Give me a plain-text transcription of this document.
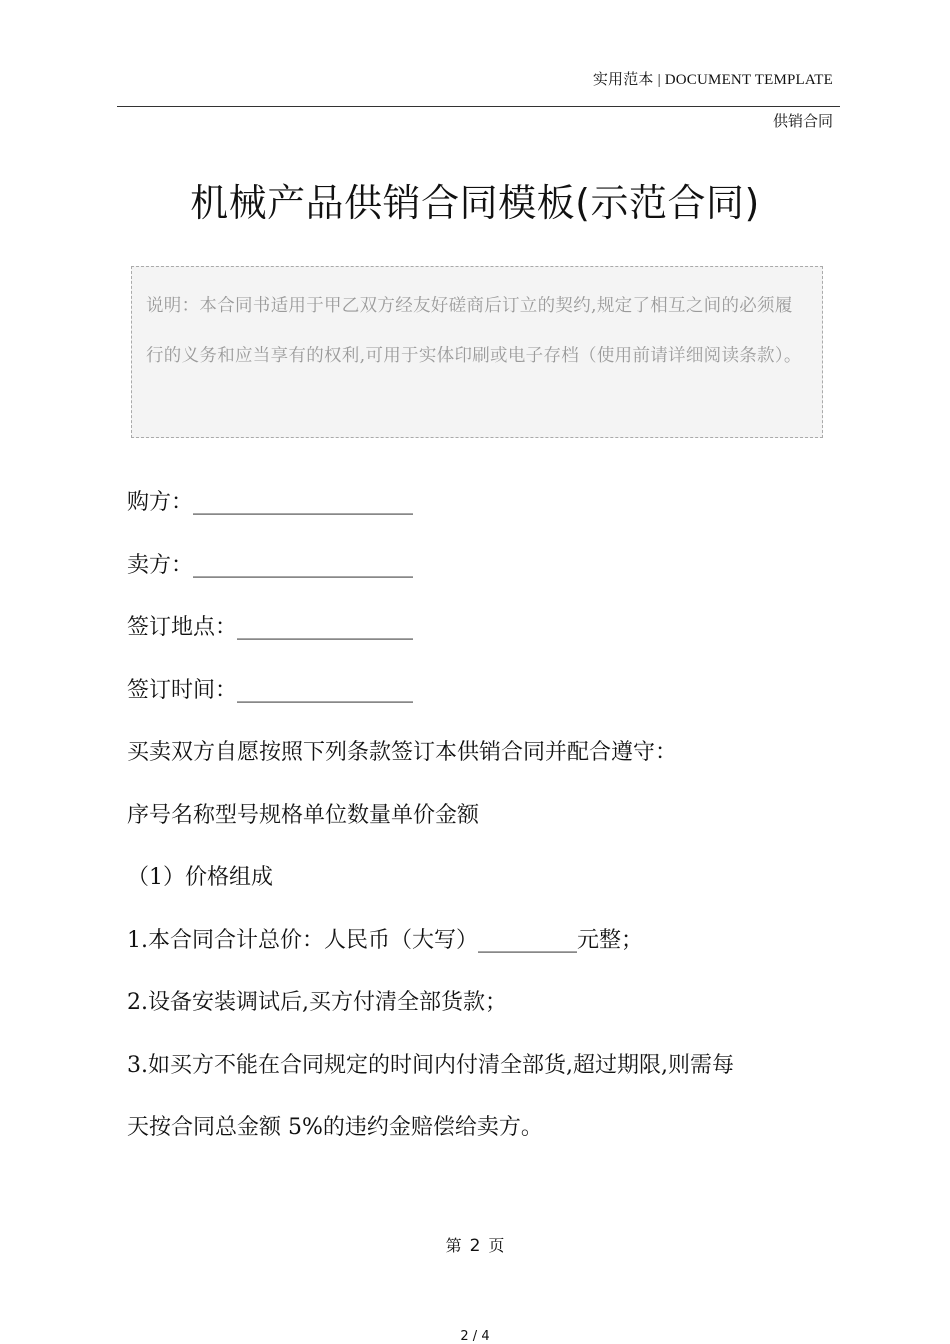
实用范本 | DOCUMENT TEMPLATE
供销合同
机械产品供销合同模板(示范合同)
说明：本合同书适用于甲乙双方经友好磋商后订立的契约,规定了相互之间的必须履行的义务和应当享有的权利,可用于实体印刷或电子存档（使用前请详细阅读条款）。
购方：____________________
卖方：____________________
签订地点：________________
签订时间：________________
买卖双方自愿按照下列条款签订本供销合同并配合遵守：
序号名称型号规格单位数量单价金额
（1）价格组成
1.本合同合计总价：人民币（大写）_________元整；
2.设备安装调试后,买方付清全部货款；
3.如买方不能在合同规定的时间内付清全部货,超过期限,则需每
天按合同总金额 5%的违约金赔偿给卖方。
第 2 页
2 / 4
